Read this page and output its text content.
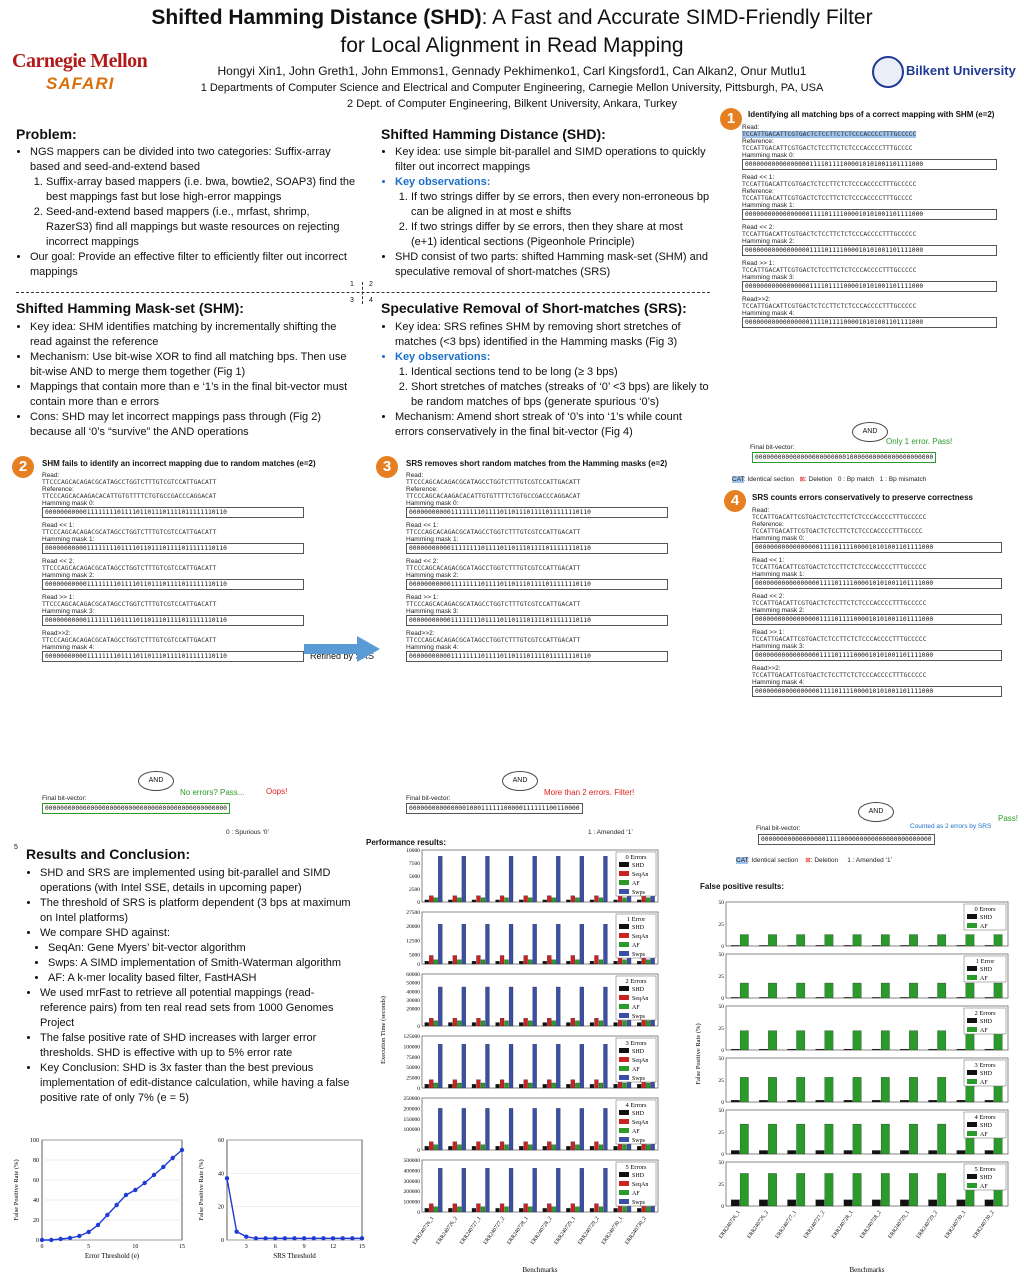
Shifted Hamming Distance (SHD): A Fast and Accurate SIMD-Friendly Filter
for Local Alignment in Read Mapping
Hongyi Xin1, John Greth1, John Emmons1, Gennady Pekhimenko1, Carl Kingsford1, Can Alkan2, Onur Mutlu1
1 Departments of Computer Science and Electrical and Computer Engineering, Carnegie Mellon University, Pittsburgh, PA, USA
2 Dept. of Computer Engineering, Bilkent University, Ankara, Turkey
Carnegie Mellon
SAFARI
Bilkent University
Problem:
• NGS mappers can be divided into two categories: Suffix-array based and seed-and-extend based
1. Suffix-array based mappers (i.e. bwa, bowtie2, SOAP3) find the best mappings fast but lose high-error mappings
2. Seed-and-extend based mappers (i.e., mrfast, shrimp, RazerS3) find all mappings but waste resources on rejecting incorrect mappings
• Our goal: Provide an effective filter to efficiently filter out incorrect mappings
Shifted Hamming Distance (SHD):
• Key idea: use simple bit-parallel and SIMD operations to quickly filter out incorrect mappings
• Key observations:
1. If two strings differ by ≤e errors, then every non-erroneous bp can be aligned in at most e shifts
2. If two strings differ by ≤e errors, then they share at most (e+1) identical sections (Pigeonhole Principle)
• SHD consist of two parts: shifted Hamming mask-set (SHM) and speculative removal of short-matches (SRS)
1 2
3 4
Shifted Hamming Mask-set (SHM):
• Key idea: SHM identifies matching by incrementally shifting the read against the reference
• Mechanism: Use bit-wise XOR to find all matching bps. Then use bit-wise AND to merge them together (Fig 1)
• Mappings that contain more than e ‘1’s in the final bit-vector must contain more than e errors
• Cons: SHD may let incorrect mappings pass through (Fig 2) because all ‘0’s “survive” the AND operations
Speculative Removal of Short-matches (SRS):
• Key idea: SRS refines SHM by removing short stretches of matches (<3 bps) identified in the Hamming masks (Fig 3)
• Key observations:
1. Identical sections tend to be long (≥ 3 bps)
2. Short stretches of matches (streaks of ‘0’ <3 bps) are likely to be random matches of bps (generate spurious ‘0’s)
• Mechanism: Amend short streak of ‘0’s into ‘1’s while count errors conservatively in the final bit-vector (Fig 4)
1	Identifying all matching bps of a correct mapping with SHM (e=2)
Read:
TCCATTGACATTCGTGACTCTCCTTCTCTCCCACCCCTTTGCCCCC
Reference:
TCCATTGACATTCGTGACTCTCCTTCTCTCCCACCCCTTTGCCCC
Hamming mask 0:
00000000000000000111101111000010101001101111000
Read << 1:
TCCATTGACATTCGTGACTCTCCTTCTCTCCCACCCCTTTGCCCCC
Reference:
TCCATTGACATTCGTGACTCTCCTTCTCTCCCACCCCTTTGCCCC
Hamming mask 1:
00000000000000000111101111000010101001101111000
Read << 2:
TCCATTGACATTCGTGACTCTCCTTCTCTCCCACCCCTTTGCCCCC
Hamming mask 2:
00000000000000000111101111000010101001101111000
Read >> 1:
TCCATTGACATTCGTGACTCTCCTTCTCTCCCACCCCTTTGCCCCC
Hamming mask 3:
00000000000000000111101111000010101001101111000
Read>>2:
TCCATTGACATTCGTGACTCTCCTTCTCTCCCACCCCTTTGCCCCC
Hamming mask 4:
00000000000000000111101111000010101001101111000
AND
Only 1 error. Pass!
Final bit-vector:
00000000000000000000000010000000000000000000000
CAT: Identical section ⊠: Deletion 0 : Bp match 1 : Bp mismatch
4	SRS counts errors conservatively to preserve correctness
Read:
TCCATTGACATTCGTGACTCTCCTTCTCTCCCACCCCTTTGCCCCC
Reference:
TCCATTGACATTCGTGACTCTCCTTCTCTCCCACCCCTTTGCCCC
Hamming mask 0:
00000000000000000111101111000010101001101111000
Read << 1:
TCCATTGACATTCGTGACTCTCCTTCTCTCCCACCCCTTTGCCCCC
Hamming mask 1:
00000000000000000111101111000010101001101111000
Read << 2:
TCCATTGACATTCGTGACTCTCCTTCTCTCCCACCCCTTTGCCCCC
Hamming mask 2:
00000000000000000111101111000010101001101111000
Read >> 1:
TCCATTGACATTCGTGACTCTCCTTCTCTCCCACCCCTTTGCCCCC
Hamming mask 3:
00000000000000000111101111000010101001101111000
Read>>2:
TCCATTGACATTCGTGACTCTCCTTCTCTCCCACCCCTTTGCCCCC
Hamming mask 4:
00000000000000000111101111000010101001101111000
AND
Pass!
Counted as 2 errors by SRS
Final bit-vector:
000000000000000001111000000000000000000000000
CAT: Identical section ⊠: Deletion 1 : Amended ‘1’
2	SHM fails to identify an incorrect mapping due to random matches (e=2)
Read:
TTCCCAGCACAGACGCATAGCCTGGTCTTTGTCGTCCATTGACATT
Reference:
TTCCCAGCACAAGACACATTGTGTTTTCTGTGCCGACCCAGGACAT
Hamming mask 0:
000000000001111111101111011011101111011111110110
Read << 1:
TTCCCAGCACAGACGCATAGCCTGGTCTTTGTCGTCCATTGACATT
Hamming mask 1:
000000000001111111101111011011101111011111110110
Read << 2:
TTCCCAGCACAGACGCATAGCCTGGTCTTTGTCGTCCATTGACATT
Hamming mask 2:
000000000001111111101111011011101111011111110110
Read >> 1:
TTCCCAGCACAGACGCATAGCCTGGTCTTTGTCGTCCATTGACATT
Hamming mask 3:
000000000001111111101111011011101111011111110110
Read>>2:
TTCCCAGCACAGACGCATAGCCTGGTCTTTGTCGTCCATTGACATT
Hamming mask 4:
000000000001111111101111011011101111011111110110
AND
No errors? Pass...	Oops!
Final bit-vector:
000000000000000000000000000000000000000000000000
0 : Spurious ‘0’
Refined by SRS
3	SRS removes short random matches from the Hamming masks (e=2)
Read:
TTCCCAGCACAGACGCATAGCCTGGTCTTTGTCGTCCATTGACATT
Reference:
TTCCCAGCACAAGACACATTGTGTTTTCTGTGCCGACCCAGGACAT
Hamming mask 0:
000000000001111111101111011011101111011111110110
Read << 1:
TTCCCAGCACAGACGCATAGCCTGGTCTTTGTCGTCCATTGACATT
Hamming mask 1:
000000000001111111101111011011101111011111110110
Read << 2:
TTCCCAGCACAGACGCATAGCCTGGTCTTTGTCGTCCATTGACATT
Hamming mask 2:
000000000001111111101111011011101111011111110110
Read >> 1:
TTCCCAGCACAGACGCATAGCCTGGTCTTTGTCGTCCATTGACATT
Hamming mask 3:
000000000001111111101111011011101111011111110110
Read>>2:
TTCCCAGCACAGACGCATAGCCTGGTCTTTGTCGTCCATTGACATT
Hamming mask 4:
000000000001111111101111011011101111011111110110
AND
More than 2 errors. Filter!
Final bit-vector:
000000000000000100011111100000111111100110000
1 : Amended ‘1’
5 Results and Conclusion:
• SHD and SRS are implemented using bit-parallel and SIMD operations (with Intel SSE, details in upcoming paper)
• The threshold of SRS is platform dependent (3 bps at maximum on Intel platforms)
• We compare SHD against:
• SeqAn: Gene Myers’ bit-vector algorithm
• Swps: A SIMD implementation of Smith-Waterman algorithm
• AF: A k-mer locality based filter, FastHASH
• We used mrFast to retrieve all potential mappings (read-reference pairs) from ten real read sets from 1000 Genomes Project
• The false positive rate of SHD increases with larger error thresholds. SHD is effective with up to 5% error rate
• Key Conclusion: SHD is 3x faster than the best previous implementation of edit-distance calculation, while having a false positive rate of only 7% (e = 5)
0
20
40
60
80
100
0	5	10	15
Error Threshold (e)
False Positive Rate (%)
0
20
40
60
3	6	9	12	15
SRS Threshold
False Positive Rate (%)
Performance results:
0
2500
5000
7500
10000
0 Errors
SHD
SeqAn
AF
Swps
0
5000
12500
20000
27500
1 Error
SHD
SeqAn
AF
Swps
0
20000
30000
40000
50000
60000
2 Errors
SHD
SeqAn
AF
Swps
0
25000
50000
75000
100000
125000
3 Errors
SHD
SeqAn
AF
Swps
0
100000
150000
200000
250000
4 Errors
SHD
SeqAn
AF
Swps
0
100000
200000
300000
400000
500000
5 Errors
SHD
SeqAn
AF
Swps
ERR240726_1 ERR240726_2 ERR240727_1 ERR240727_2 ERR240728_1 ERR240728_2 ERR240729_1 ERR240729_2 ERR240730_1 ERR240730_2
Execution Time (seconds)
Benchmarks
False positive results:
0
25
50
0 Errors
SHD
AF
0
25
50
1 Error
SHD
AF
0
25
50
2 Errors
SHD
AF
0
25
50
3 Errors
SHD
AF
0
25
50
4 Errors
SHD
AF
0
25
50
5 Errors
SHD
AF
ERR240726_1 ERR240726_2 ERR240727_1 ERR240727_2 ERR240728_1 ERR240728_2 ERR240729_1 ERR240729_2 ERR240730_1 ERR240730_2
False Positive Rate (%)
Benchmarks
